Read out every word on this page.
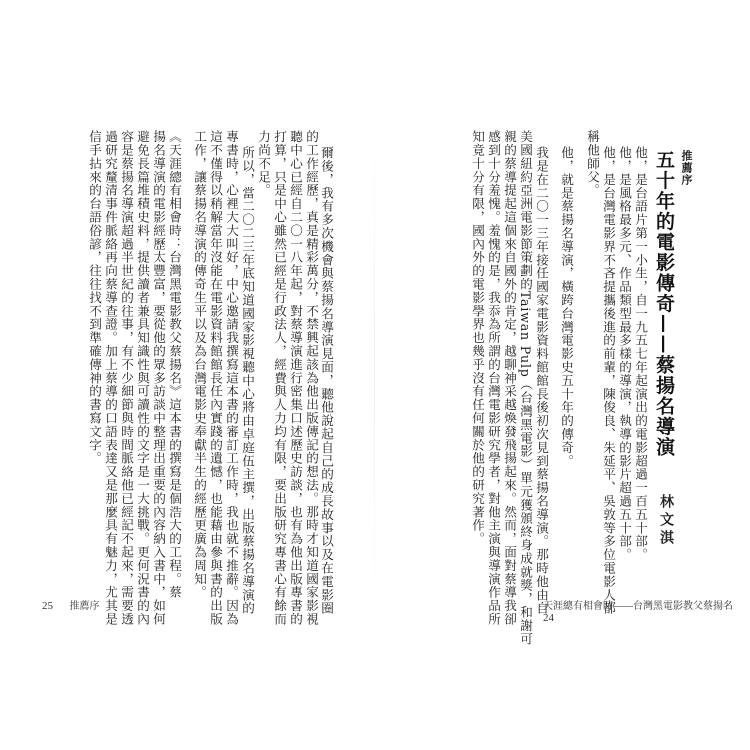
爾後，我有多次機會與蔡揚名導演見面，聽他說起自己的成長故事以及在電影圈
的工作經歷，真是精彩萬分，不禁興起該為他出版傳記的想法。那時才知道國家影視
聽中心已經自二〇一八年起，對蔡導演進行密集口述歷史訪談，也有為他出版專書的
打算，只是中心雖然已經是行政法人，經費與人力均有限，要出版研究專書心有餘而
力尚不足。
所以，當二〇二三年底知道國家影視聽中心將由卓庭伍主撰，出版蔡揚名導演的
專書時，心裡大大叫好，中心邀請我撰寫這本書的審訂工作時，我也就不推辭。因為
這不僅得以稍解當年沒能在電影資料館館長任內實踐的遺憾，也能藉由參與書的出版
工作，讓蔡揚名導演的傳奇生平以及為台灣電影史奉獻半生的經歷更廣為周知。
《天涯總有相會時：台灣黑電影教父蔡揚名》這本書的撰寫是個浩大的工程。蔡
揚名導演的電影經歷太豐富，要從他的眾多訪談中整理出重要的內容納入書中，如何
避免長篇堆積史料，提供讀者兼具知識性與可讀性的文字是一大挑戰。更何況書的內
容是蔡揚名導演超過半世紀的往事，有不少細節與時間脈絡他已經記不起來，需要透
過研究釐清事件脈絡再向蔡導查證。加上蔡導的口語表達又是那麼具有魅力，尤其是
信手拈來的台語俗諺，往往找不到準確傳神的書寫文字。
25 推薦序
他，是台語片第一小生，自一九五七年起演出的電影超過一百五十部。
他，是風格最多元、作品類型最多樣的導演，執導的影片超過五十部。
他，是台灣電影界不吝提攜後進的前輩，陳俊良、朱延平、吳敦等多位電影人都
稱他師父。
他，就是蔡揚名導演，橫跨台灣電影史五十年的傳奇。
我是在二〇一三年接任國家電影資料館館長後初次見到蔡揚名導演。那時他由自
美國紐約亞洲電影節策劃的Taiwan Pulp（台灣黑電影）單元獲頒終身成就獎，和謝可
親的蔡導提起這個來自國外的肯定，越聊神采越煥發飛揚起來。然而，面對蔡導我卻
感到十分羞愧。羞愧的是，我忝為所謂的台灣電影研究學者，對他主演與導演作品所
知竟十分有限，國內外的電影學界也幾乎沒有任何關於他的研究著作。	推薦序
五十年的電影傳奇——蔡揚名導演
林文淇
天涯總有相會時——台灣黑電影教父蔡揚名 24
